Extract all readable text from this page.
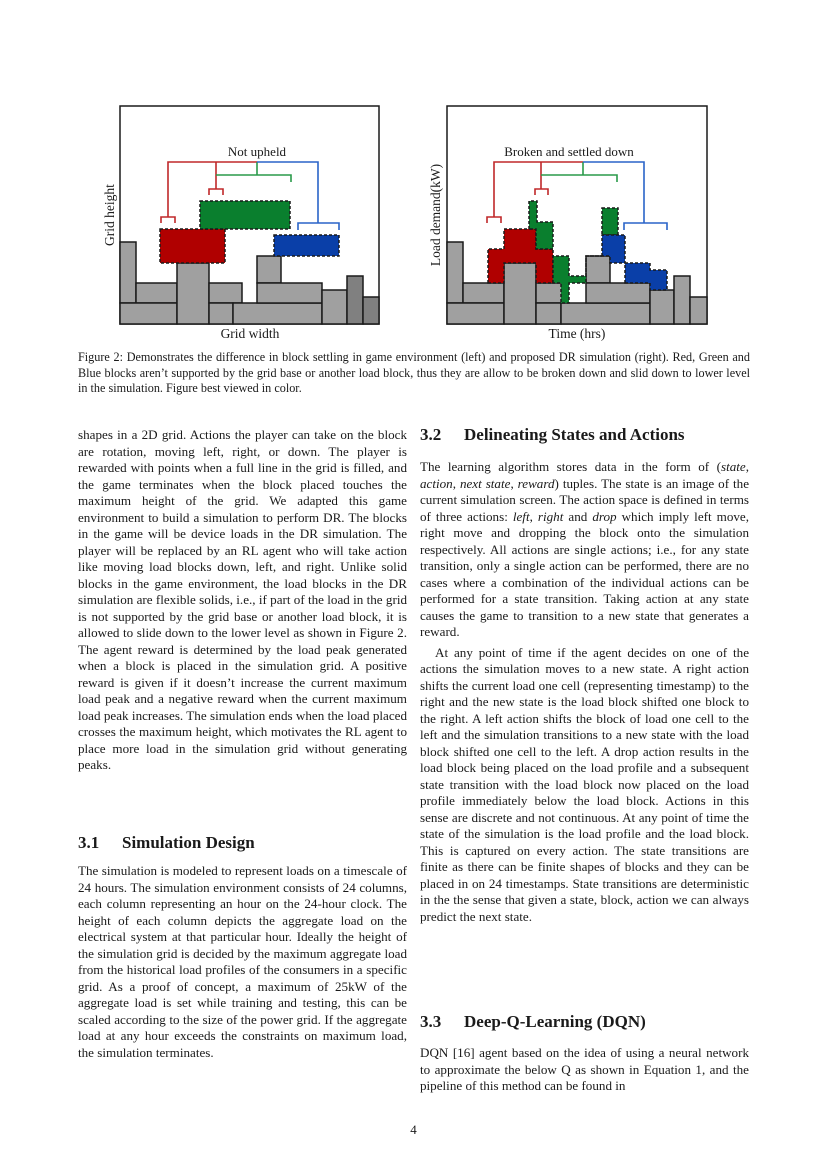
Not upheld
Grid width
Grid height
Broken and settled down
Time (hrs)
Load demand(kW)
Figure 2: Demonstrates the difference in block settling in game environment (left) and proposed DR simulation (right). Red, Green and Blue blocks aren’t supported by the grid base or another load block, thus they are allow to be broken down and slid down to lower level in the simulation. Figure best viewed in color.

shapes in a 2D grid. Actions the player can take on the block are rotation, moving left, right, or down. The player is rewarded with points when a full line in the grid is filled, and the game terminates when the block placed touches the maximum height of the grid. We adapted this game environment to build a simulation to perform DR. The blocks in the game will be device loads in the DR simulation. The player will be replaced by an RL agent who will take action like moving load blocks down, left, and right. Unlike solid blocks in the game environment, the load blocks in the DR simulation are flexible solids, i.e., if part of the load in the grid is not supported by the grid base or another load block, it is allowed to slide down to the lower level as shown in Figure 2. The agent reward is determined by the load peak generated when a block is placed in the simulation grid. A positive reward is given if it doesn’t increase the current maximum load peak and a negative reward when the current maximum load peak increases. The simulation ends when the load placed crosses the maximum height, which motivates the RL agent to place more load in the simulation grid without generating peaks.

3.1 Simulation Design

The simulation is modeled to represent loads on a timescale of 24 hours. The simulation environment consists of 24 columns, each column representing an hour on the 24-hour clock. The height of each column depicts the aggregate load on the electrical system at that particular hour. Ideally the height of the simulation grid is decided by the maximum aggregate load from the historical load profiles of the consumers in a specific grid. As a proof of concept, a maximum of 25kW of the aggregate load is set while training and testing, this can be scaled according to the size of the power grid. If the aggregate load at any hour exceeds the constraints on maximum load, the simulation terminates.

3.2 Delineating States and Actions

The learning algorithm stores data in the form of (state, action, next state, reward) tuples. The state is an image of the current simulation screen. The action space is defined in terms of three actions: left, right and drop which imply left move, right move and dropping the block onto the simulation respectively. All actions are single actions; i.e., for any state transition, only a single action can be performed, there are no cases where a combination of the individual actions can be performed for a state transition. Taking action at any state causes the game to transition to a new state that generates a reward.

At any point of time if the agent decides on one of the actions the simulation moves to a new state. A right action shifts the current load one cell (representing timestamp) to the right and the new state is the load block shifted one block to the right. A left action shifts the block of load one cell to the left and the simulation transitions to a new state with the load block shifted one cell to the left. A drop action results in the load block being placed on the load profile and a subsequent state transition with the load block now placed on the load profile immediately below the load block. Actions in this sense are discrete and not continuous. At any point of time the state of the simulation is the load profile and the load block. This is captured on every action. The state transitions are finite as there can be finite shapes of blocks and they can be placed in on 24 timestamps. State transitions are deterministic in the the sense that given a state, block, action we can always predict the next state.

3.3 Deep-Q-Learning (DQN)

DQN [16] agent based on the idea of using a neural network to approximate the below Q as shown in Equation 1, and the pipeline of this method can be found in

4
